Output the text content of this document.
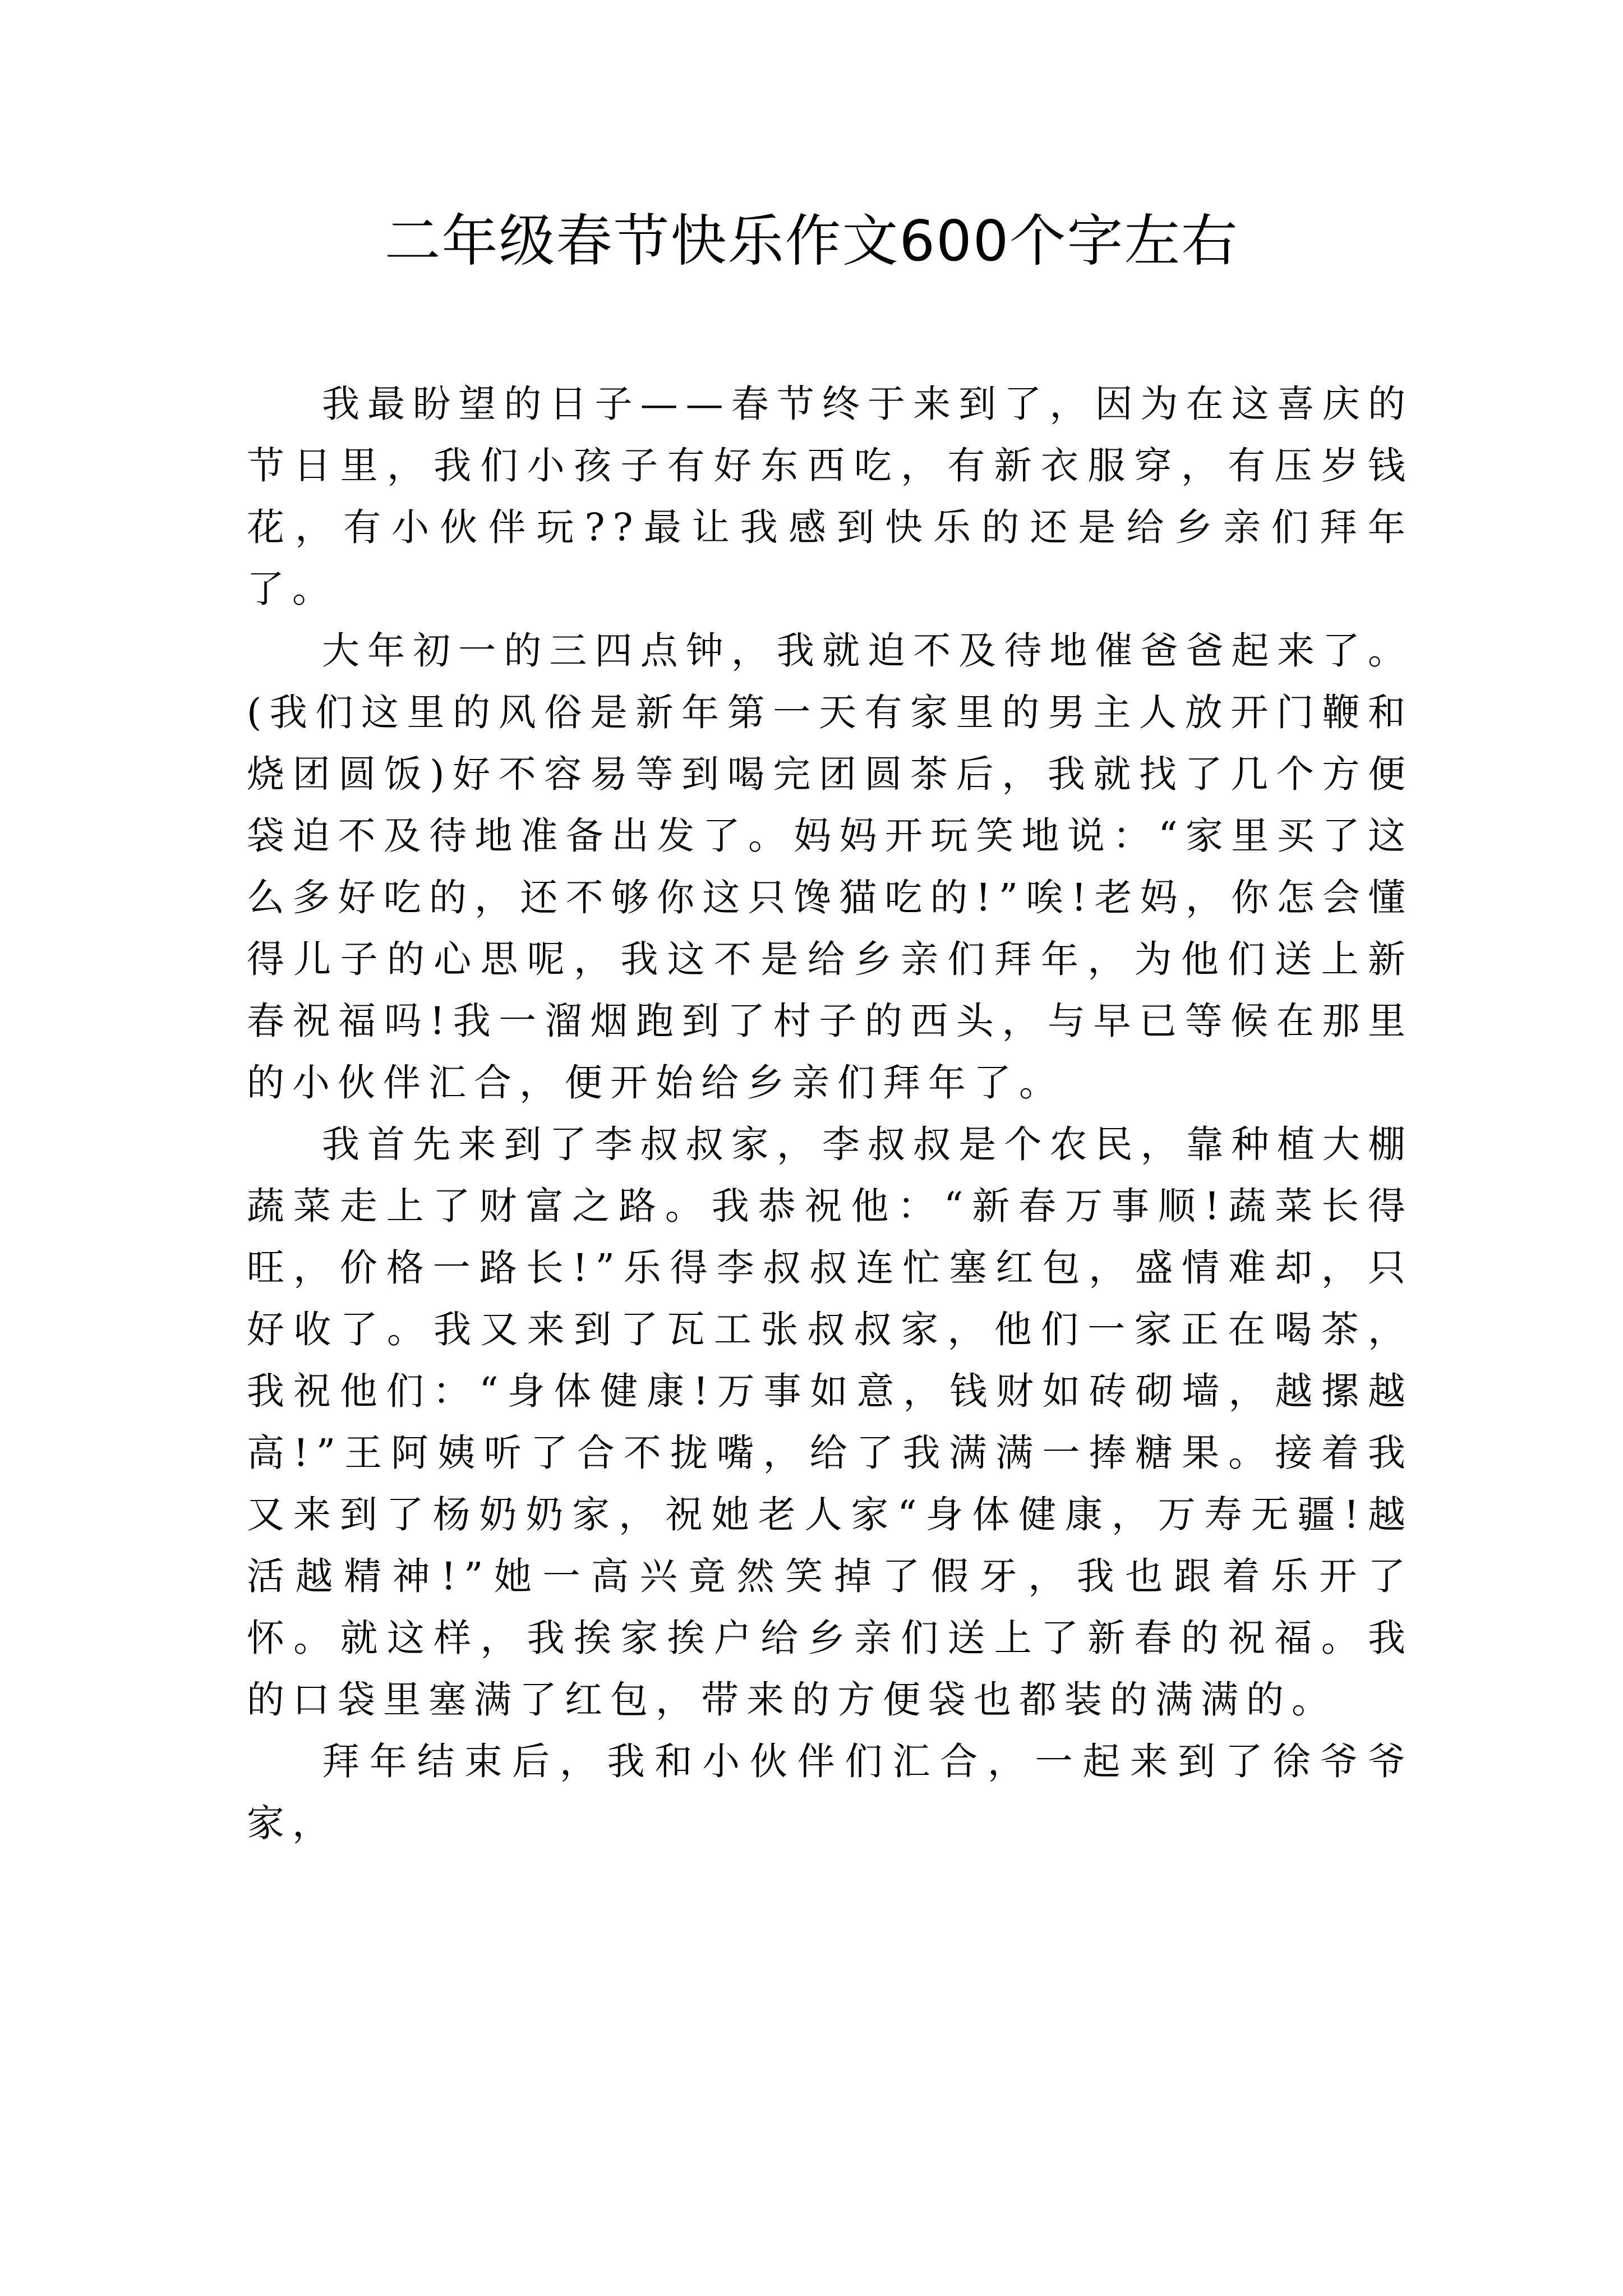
二年级春节快乐作文600个字左右

我最盼望的日子——春节终于来到了，因为在这喜庆的节日里，我们小孩子有好东西吃，有新衣服穿，有压岁钱花，有小伙伴玩??最让我感到快乐的还是给乡亲们拜年了。

大年初一的三四点钟，我就迫不及待地催爸爸起来了。(我们这里的风俗是新年第一天有家里的男主人放开门鞭和烧团圆饭)好不容易等到喝完团圆茶后，我就找了几个方便袋迫不及待地准备出发了。妈妈开玩笑地说：“家里买了这么多好吃的，还不够你这只馋猫吃的!”唉!老妈，你怎会懂得儿子的心思呢，我这不是给乡亲们拜年，为他们送上新春祝福吗!我一溜烟跑到了村子的西头，与早已等候在那里的小伙伴汇合，便开始给乡亲们拜年了。

我首先来到了李叔叔家，李叔叔是个农民，靠种植大棚蔬菜走上了财富之路。我恭祝他：“新春万事顺!蔬菜长得旺，价格一路长!”乐得李叔叔连忙塞红包，盛情难却，只好收了。我又来到了瓦工张叔叔家，他们一家正在喝茶，我祝他们：“身体健康!万事如意，钱财如砖砌墙，越摞越高!”王阿姨听了合不拢嘴，给了我满满一捧糖果。接着我又来到了杨奶奶家，祝她老人家“身体健康，万寿无疆!越活越精神!”她一高兴竟然笑掉了假牙，我也跟着乐开了怀。就这样，我挨家挨户给乡亲们送上了新春的祝福。我的口袋里塞满了红包，带来的方便袋也都装的满满的。

拜年结束后，我和小伙伴们汇合，一起来到了徐爷爷家，
